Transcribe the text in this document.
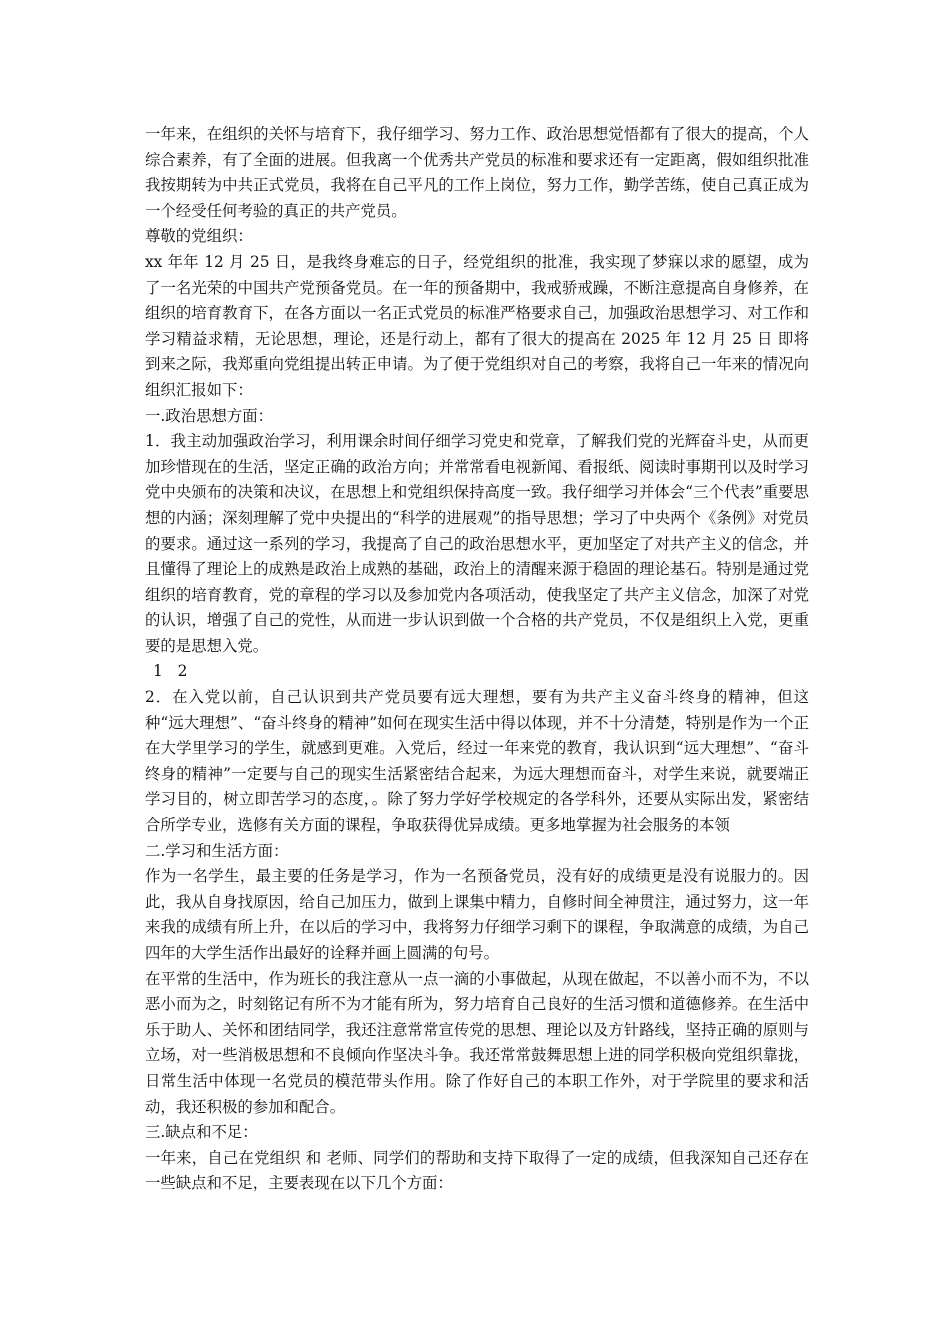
一年来，在组织的关怀与培育下，我仔细学习、努力工作、政治思想觉悟都有了很大的提高，个人综合素养，有了全面的进展。但我离一个优秀共产党员的标准和要求还有一定距离，假如组织批准我按期转为中共正式党员，我将在自己平凡的工作上岗位，努力工作，勤学苦练，使自己真正成为一个经受任何考验的真正的共产党员。

尊敬的党组织：

xx 年年 12 月 25 日，是我终身难忘的日子，经党组织的批准，我实现了梦寐以求的愿望，成为了一名光荣的中国共产党预备党员。在一年的预备期中，我戒骄戒躁，不断注意提高自身修养，在组织的培育教育下，在各方面以一名正式党员的标准严格要求自己，加强政治思想学习、对工作和学习精益求精，无论思想，理论，还是行动上，都有了很大的提高在 2025 年 12 月 25 日 即将到来之际，我郑重向党组提出转正申请。为了便于党组织对自己的考察，我将自己一年来的情况向组织汇报如下：

一.政治思想方面：

1．我主动加强政治学习，利用课余时间仔细学习党史和党章，了解我们党的光辉奋斗史，从而更加珍惜现在的生活，坚定正确的政治方向；并常常看电视新闻、看报纸、阅读时事期刊以及时学习党中央颁布的决策和决议，在思想上和党组织保持高度一致。我仔细学习并体会“三个代表”重要思想的内涵；深刻理解了党中央提出的“科学的进展观”的指导思想；学习了中央两个《条例》对党员的要求。通过这一系列的学习，我提高了自己的政治思想水平，更加坚定了对共产主义的信念，并且懂得了理论上的成熟是政治上成熟的基础，政治上的清醒来源于稳固的理论基石。特别是通过党组织的培育教育，党的章程的学习以及参加党内各项活动，使我坚定了共产主义信念，加深了对党的认识，增强了自己的党性，从而进一步认识到做一个合格的共产党员，不仅是组织上入党，更重要的是思想入党。

1 2

2．在入党以前，自己认识到共产党员要有远大理想，要有为共产主义奋斗终身的精神，但这种“远大理想”、“奋斗终身的精神”如何在现实生活中得以体现，并不十分清楚，特别是作为一个正在大学里学习的学生，就感到更难。入党后，经过一年来党的教育，我认识到“远大理想”、“奋斗终身的精神”一定要与自己的现实生活紧密结合起来，为远大理想而奋斗，对学生来说，就要端正学习目的，树立即苦学习的态度，。除了努力学好学校规定的各学科外，还要从实际出发，紧密结合所学专业，选修有关方面的课程，争取获得优异成绩。更多地掌握为社会服务的本领

二.学习和生活方面：

作为一名学生，最主要的任务是学习，作为一名预备党员，没有好的成绩更是没有说服力的。因此，我从自身找原因，给自己加压力，做到上课集中精力，自修时间全神贯注，通过努力，这一年来我的成绩有所上升，在以后的学习中，我将努力仔细学习剩下的课程，争取满意的成绩，为自己四年的大学生活作出最好的诠释并画上圆满的句号。

在平常的生活中，作为班长的我注意从一点一滴的小事做起，从现在做起，不以善小而不为，不以恶小而为之，时刻铭记有所不为才能有所为，努力培育自己良好的生活习惯和道德修养。在生活中乐于助人、关怀和团结同学，我还注意常常宣传党的思想、理论以及方针路线，坚持正确的原则与立场，对一些消极思想和不良倾向作坚决斗争。我还常常鼓舞思想上进的同学积极向党组织靠拢，日常生活中体现一名党员的模范带头作用。除了作好自己的本职工作外，对于学院里的要求和活动，我还积极的参加和配合。

三.缺点和不足：

一年来，自己在党组织 和 老师、同学们的帮助和支持下取得了一定的成绩，但我深知自己还存在一些缺点和不足，主要表现在以下几个方面：
